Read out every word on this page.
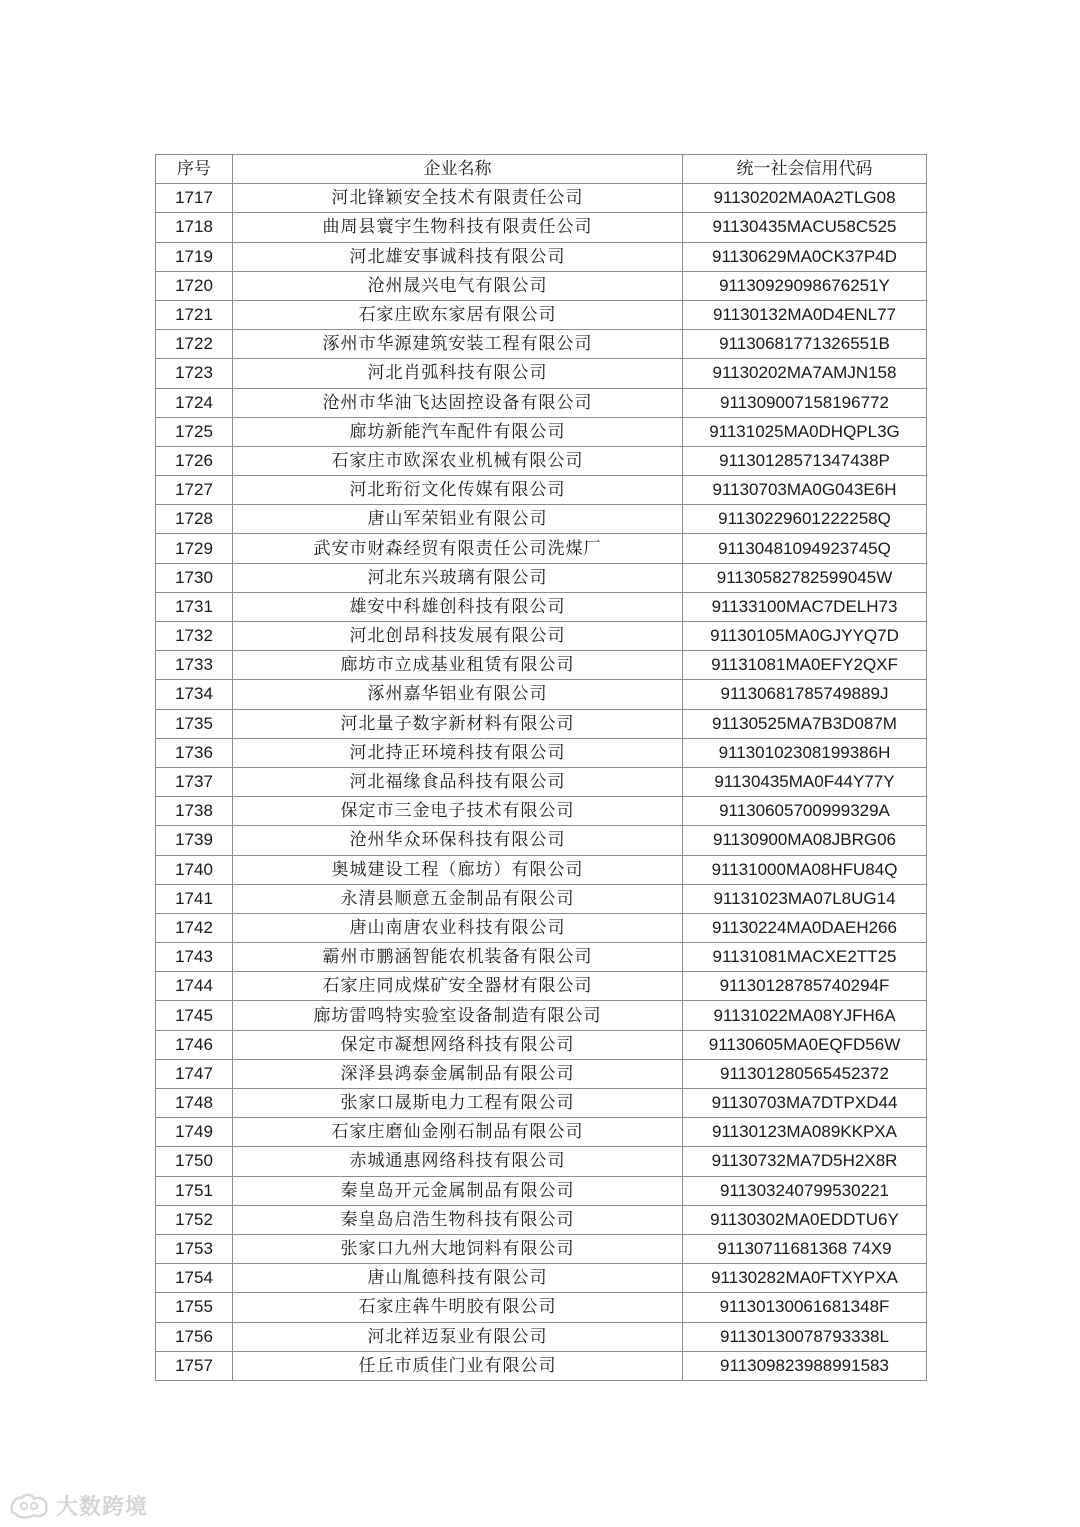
序号	企业名称	统一社会信用代码
1717	河北锋颖安全技术有限责任公司	91130202MA0A2TLG08
1718	曲周县寰宇生物科技有限责任公司	91130435MACU58C525
1719	河北雄安事诚科技有限公司	91130629MA0CK37P4D
1720	沧州晟兴电气有限公司	91130929098676251Y
1721	石家庄欧东家居有限公司	91130132MA0D4ENL77
1722	涿州市华源建筑安装工程有限公司	91130681771326551B
1723	河北肖弧科技有限公司	91130202MA7AMJN158
1724	沧州市华油飞达固控设备有限公司	911309007158196772
1725	廊坊新能汽车配件有限公司	91131025MA0DHQPL3G
1726	石家庄市欧深农业机械有限公司	91130128571347438P
1727	河北珩衍文化传媒有限公司	91130703MA0G043E6H
1728	唐山军荣铝业有限公司	91130229601222258Q
1729	武安市财森经贸有限责任公司洗煤厂	91130481094923745Q
1730	河北东兴玻璃有限公司	91130582782599045W
1731	雄安中科雄创科技有限公司	91133100MAC7DELH73
1732	河北创昂科技发展有限公司	91130105MA0GJYYQ7D
1733	廊坊市立成基业租赁有限公司	91131081MA0EFY2QXF
1734	涿州嘉华铝业有限公司	91130681785749889J
1735	河北量子数字新材料有限公司	91130525MA7B3D087M
1736	河北持正环境科技有限公司	91130102308199386H
1737	河北福缘食品科技有限公司	91130435MA0F44Y77Y
1738	保定市三金电子技术有限公司	91130605700999329A
1739	沧州华众环保科技有限公司	91130900MA08JBRG06
1740	奥城建设工程（廊坊）有限公司	91131000MA08HFU84Q
1741	永清县顺意五金制品有限公司	91131023MA07L8UG14
1742	唐山南唐农业科技有限公司	91130224MA0DAEH266
1743	霸州市鹏涵智能农机装备有限公司	91131081MACXE2TT25
1744	石家庄同成煤矿安全器材有限公司	91130128785740294F
1745	廊坊雷鸣特实验室设备制造有限公司	91131022MA08YJFH6A
1746	保定市凝想网络科技有限公司	91130605MA0EQFD56W
1747	深泽县鸿泰金属制品有限公司	911301280565452372
1748	张家口晟斯电力工程有限公司	91130703MA7DTPXD44
1749	石家庄磨仙金刚石制品有限公司	91130123MA089KKPXA
1750	赤城通惠网络科技有限公司	91130732MA7D5H2X8R
1751	秦皇岛开元金属制品有限公司	911303240799530221
1752	秦皇岛启浩生物科技有限公司	91130302MA0EDDTU6Y
1753	张家口九州大地饲料有限公司	91130711681368 74X9
1754	唐山胤德科技有限公司	91130282MA0FTXYPXA
1755	石家庄犇牛明胶有限公司	91130130061681348F
1756	河北祥迈泵业有限公司	91130130078793338L
1757	任丘市质佳门业有限公司	911309823988991583
大数跨境
